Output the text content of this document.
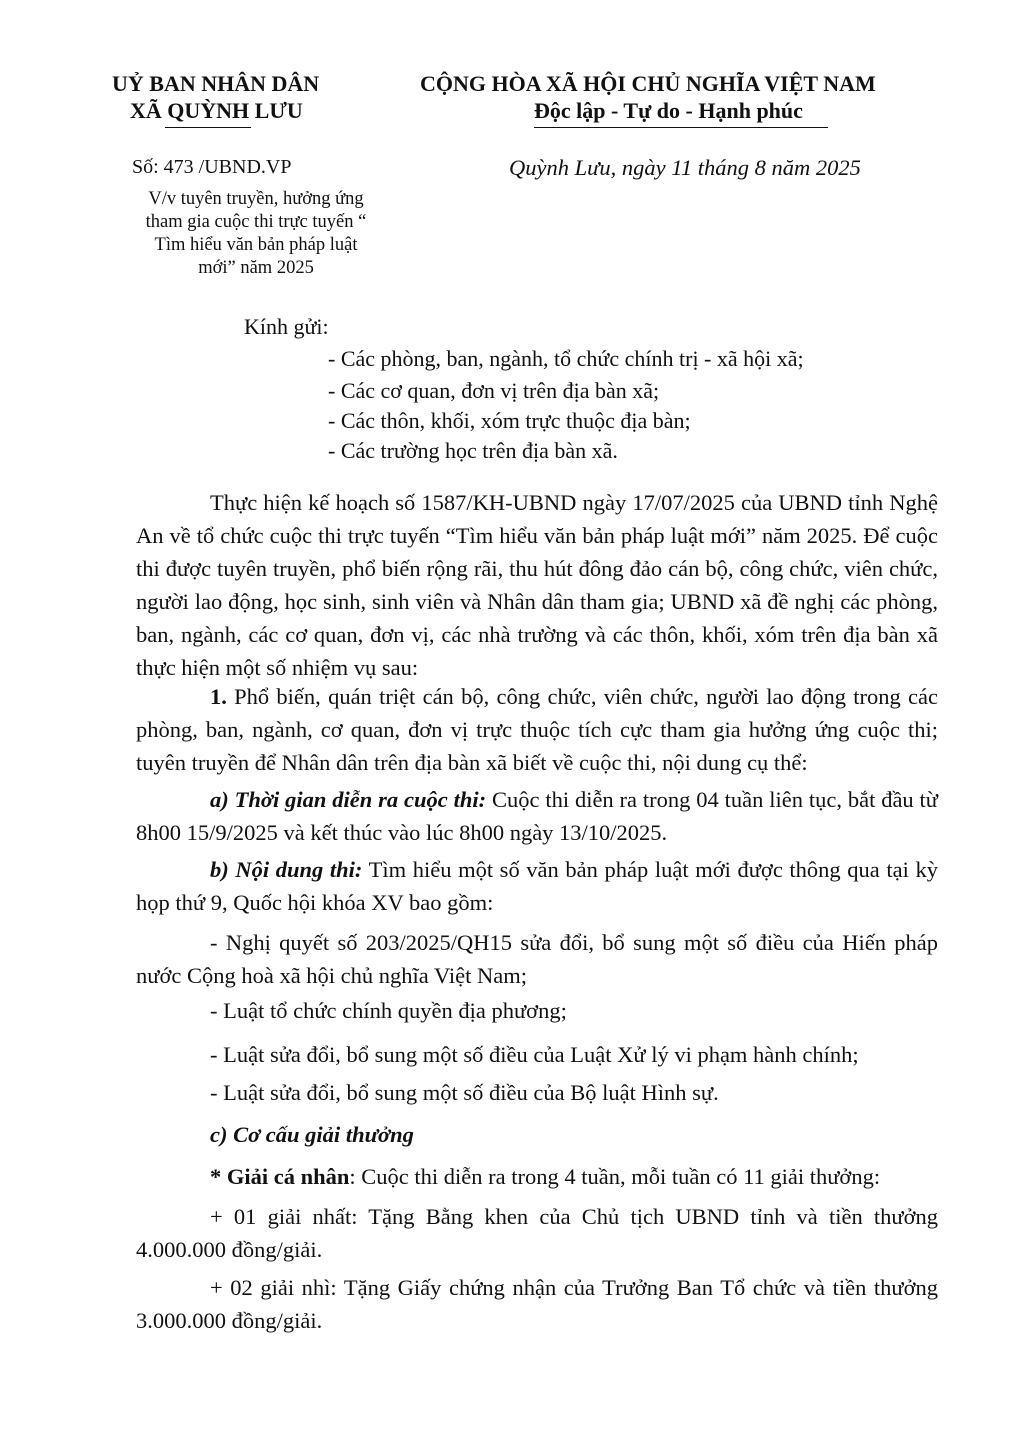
UỶ BAN NHÂN DÂN
XÃ QUỲNH LƯU
CỘNG HÒA XÃ HỘI CHỦ NGHĨA VIỆT NAM
Độc lập - Tự do - Hạnh phúc
Số: 473 /UBND.VP	Quỳnh Lưu, ngày 11 tháng 8 năm 2025
V/v tuyên truyền, hưởng ứng
tham gia cuộc thi trực tuyến “
Tìm hiểu văn bản pháp luật
mới” năm 2025
Kính gửi:
- Các phòng, ban, ngành, tổ chức chính trị - xã hội xã;
- Các cơ quan, đơn vị trên địa bàn xã;
- Các thôn, khối, xóm trực thuộc địa bàn;
- Các trường học trên địa bàn xã.
Thực hiện kế hoạch số 1587/KH-UBND ngày 17/07/2025 của UBND tỉnh Nghệ An về tổ chức cuộc thi trực tuyến “Tìm hiểu văn bản pháp luật mới” năm 2025. Để cuộc thi được tuyên truyền, phổ biến rộng rãi, thu hút đông đảo cán bộ, công chức, viên chức, người lao động, học sinh, sinh viên và Nhân dân tham gia; UBND xã đề nghị các phòng, ban, ngành, các cơ quan, đơn vị, các nhà trường và các thôn, khối, xóm trên địa bàn xã thực hiện một số nhiệm vụ sau:
1. Phổ biến, quán triệt cán bộ, công chức, viên chức, người lao động trong các phòng, ban, ngành, cơ quan, đơn vị trực thuộc tích cực tham gia hưởng ứng cuộc thi; tuyên truyền để Nhân dân trên địa bàn xã biết về cuộc thi, nội dung cụ thể:
a) Thời gian diễn ra cuộc thi: Cuộc thi diễn ra trong 04 tuần liên tục, bắt đầu từ 8h00 15/9/2025 và kết thúc vào lúc 8h00 ngày 13/10/2025.
b) Nội dung thi: Tìm hiểu một số văn bản pháp luật mới được thông qua tại kỳ họp thứ 9, Quốc hội khóa XV bao gồm:
- Nghị quyết số 203/2025/QH15 sửa đổi, bổ sung một số điều của Hiến pháp nước Cộng hoà xã hội chủ nghĩa Việt Nam;
- Luật tổ chức chính quyền địa phương;
- Luật sửa đổi, bổ sung một số điều của Luật Xử lý vi phạm hành chính;
- Luật sửa đổi, bổ sung một số điều của Bộ luật Hình sự.
c) Cơ cấu giải thưởng
* Giải cá nhân: Cuộc thi diễn ra trong 4 tuần, mỗi tuần có 11 giải thưởng:
+ 01 giải nhất: Tặng Bằng khen của Chủ tịch UBND tỉnh và tiền thưởng 4.000.000 đồng/giải.
+ 02 giải nhì: Tặng Giấy chứng nhận của Trưởng Ban Tổ chức và tiền thưởng 3.000.000 đồng/giải.
